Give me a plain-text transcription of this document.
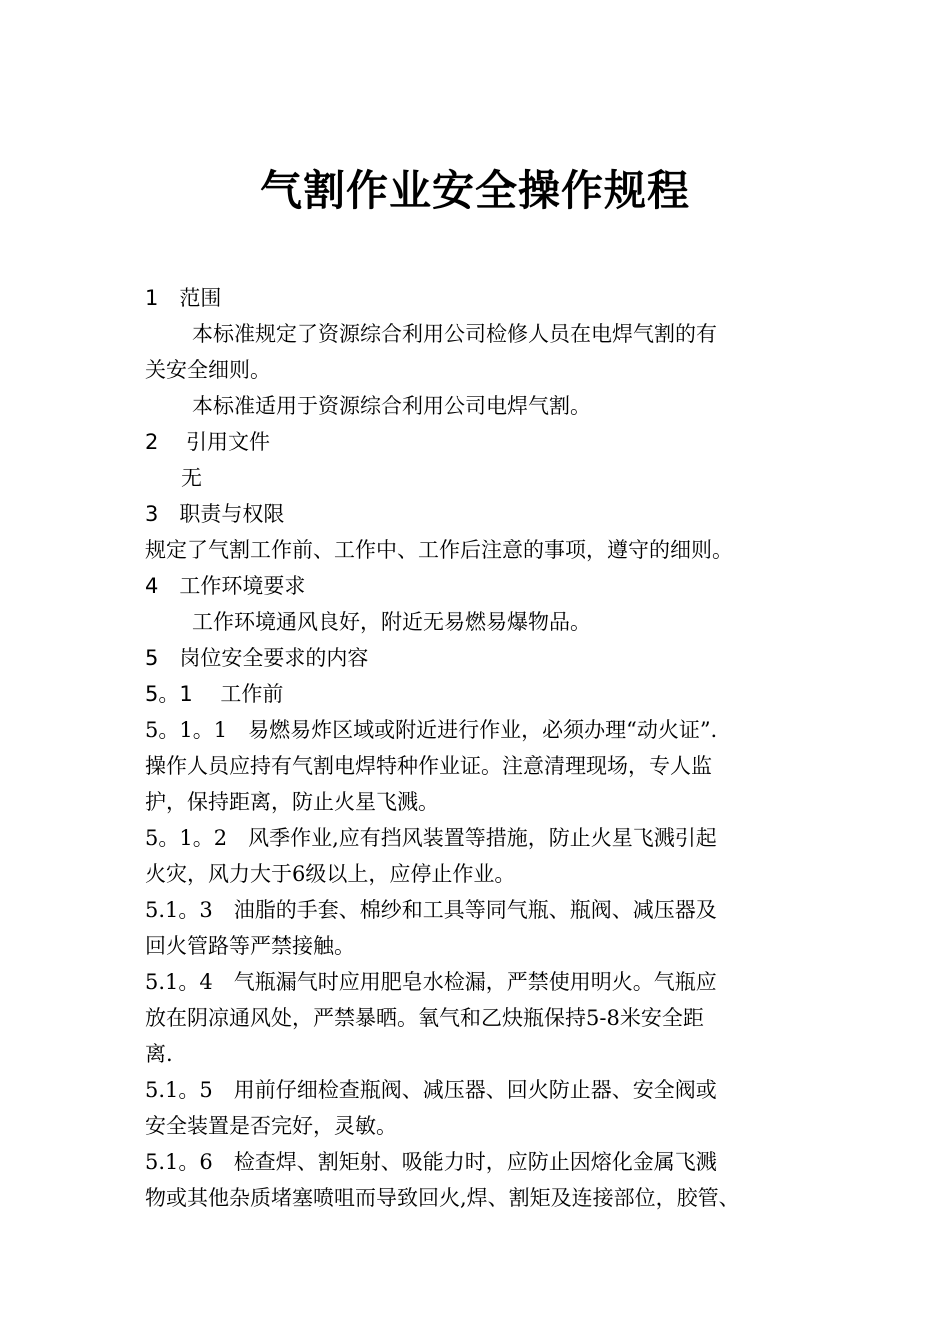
气割作业安全操作规程
1　范围
本标准规定了资源综合利用公司检修人员在电焊气割的有
关安全细则。
本标准适用于资源综合利用公司电焊气割。
2　 引用文件
无
3　职责与权限
规定了气割工作前、工作中、工作后注意的事项，遵守的细则。
4　工作环境要求
工作环境通风良好，附近无易燃易爆物品。
5　岗位安全要求的内容
5。1　 工作前
5。1。1　易燃易炸区域或附近进行作业，必须办理“动火证”.
操作人员应持有气割电焊特种作业证。注意清理现场，专人监
护，保持距离，防止火星飞溅。
5。1。2　风季作业,应有挡风装置等措施，防止火星飞溅引起
火灾，风力大于6级以上，应停止作业。
5.1。3　油脂的手套、棉纱和工具等同气瓶、瓶阀、减压器及
回火管路等严禁接触。
5.1。4　气瓶漏气时应用肥皂水检漏，严禁使用明火。气瓶应
放在阴凉通风处，严禁暴晒。氧气和乙炔瓶保持5-8米安全距
离.
5.1。5　用前仔细检查瓶阀、减压器、回火防止器、安全阀或
安全装置是否完好，灵敏。
5.1。6　检查焊、割矩射、吸能力时，应防止因熔化金属飞溅
物或其他杂质堵塞喷咀而导致回火,焊、割矩及连接部位，胶管、
